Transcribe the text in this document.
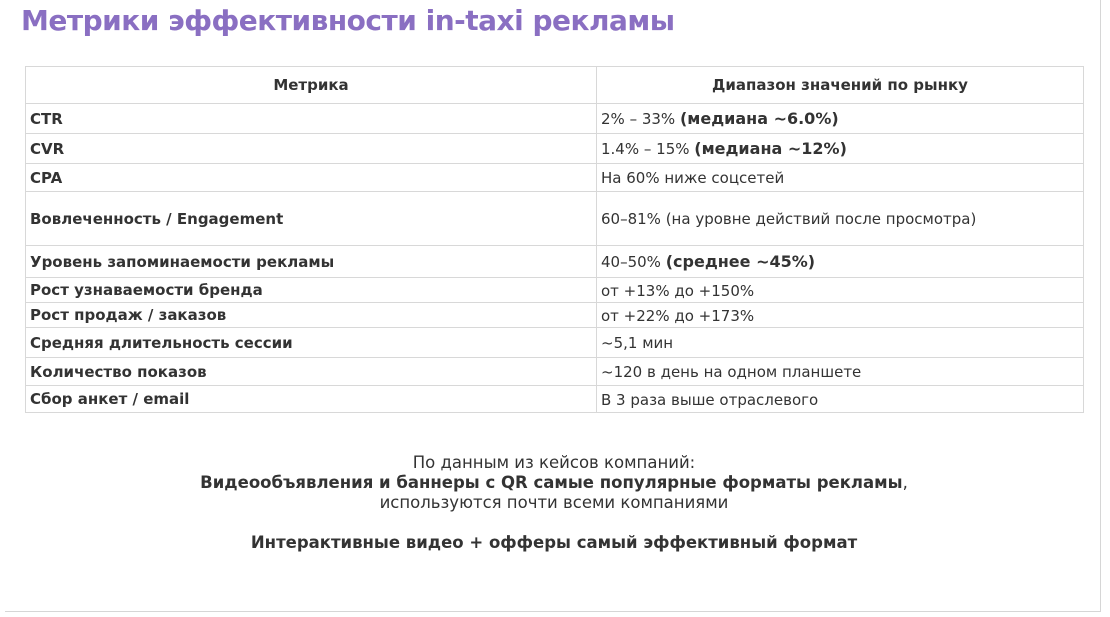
Метрики эффективности in-taxi рекламы
Метрика	Диапазон значений по рынку
CTR	2% – 33% (медиана ~6.0%)
CVR	1.4% – 15% (медиана ~12%)
CPA	На 60% ниже соцсетей
Вовлеченность / Engagement	60–81% (на уровне действий после просмотра)
Уровень запоминаемости рекламы	40–50% (среднее ~45%)
Рост узнаваемости бренда	от +13% до +150%
Рост продаж / заказов	от +22% до +173%
Средняя длительность сессии	~5,1 мин
Количество показов	~120 в день на одном планшете
Сбор анкет / email	В 3 раза выше отраслевого
По данным из кейсов компаний:
Видеообъявления и баннеры с QR самые популярные форматы рекламы,
используются почти всеми компаниями
Интерактивные видео + офферы самый эффективный формат
